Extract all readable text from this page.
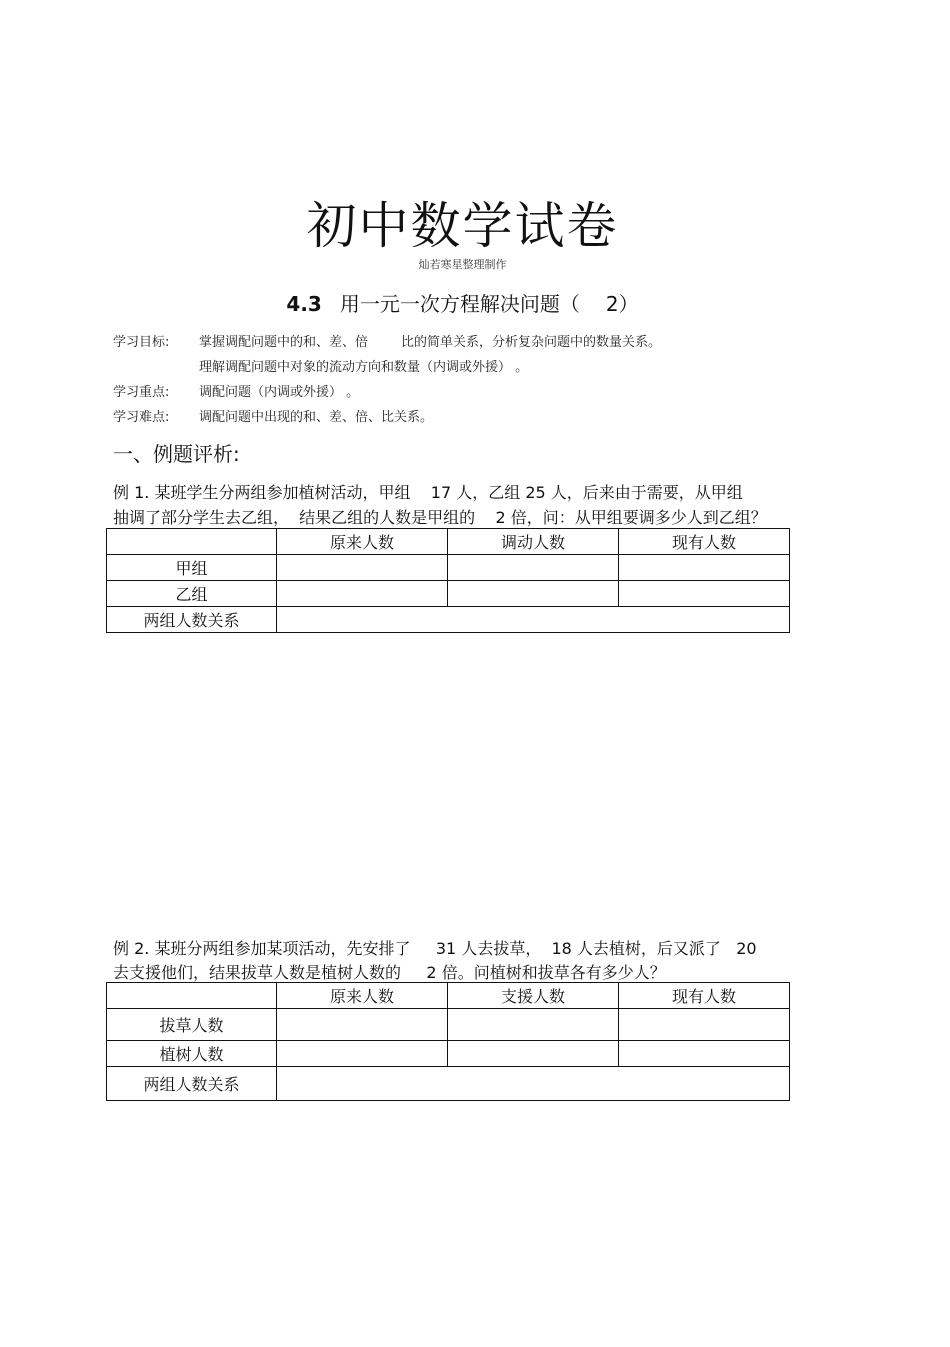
初中数学试卷
灿若寒星整理制作
4.3 用一元一次方程解决问题（ 2）
学习目标: 掌握调配问题中的和、差、倍        比的简单关系，分析复杂问题中的数量关系。
理解调配问题中对象的流动方向和数量（内调或外援） 。
学习重点: 调配问题（内调或外援） 。
学习难点: 调配问题中出现的和、差、倍、比关系。
一、例题评析:
例 1. 某班学生分两组参加植树活动，甲组    17 人，乙组 25 人，后来由于需要，从甲组
抽调了部分学生去乙组，  结果乙组的人数是甲组的    2 倍，问：从甲组要调多少人到乙组？
	原来人数	调动人数	现有人数
甲组			
乙组			
两组人数关系			
例 2. 某班分两组参加某项活动，先安排了     31 人去拔草，  18 人去植树，后又派了   20
去支援他们，结果拔草人数是植树人数的     2 倍。问植树和拔草各有多少人？
	原来人数	支援人数	现有人数
拔草人数			
植树人数			
两组人数关系			
